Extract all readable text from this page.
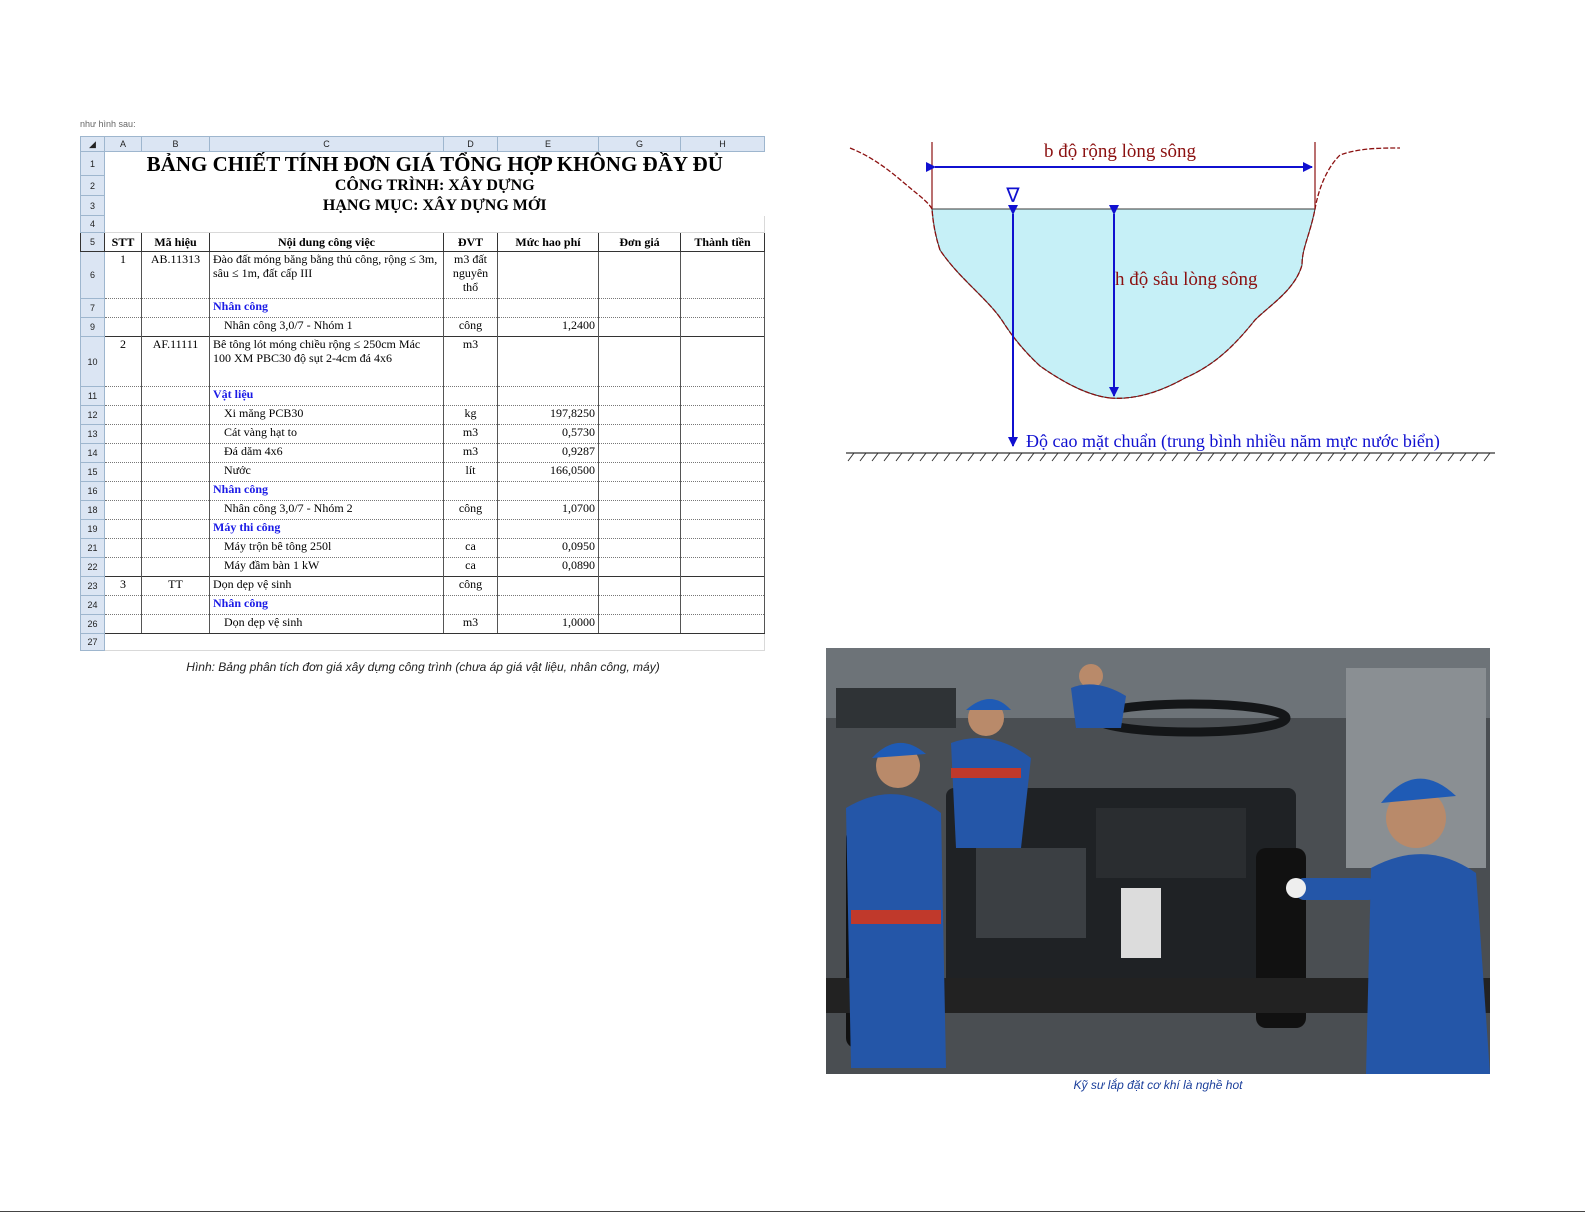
như hình sau:
◢	A	B	C	D	E	G	H
1	BẢNG CHIẾT TÍNH ĐƠN GIÁ TỔNG HỢP KHÔNG ĐẦY ĐỦ						
2	CÔNG TRÌNH: XÂY DỰNG						
3	HẠNG MỤC: XÂY DỰNG MỚI						
4							
5	STT	Mã hiệu	Nội dung công việc	ĐVT	Mức hao phí	Đơn giá	Thành tiền
6	1	AB.11313	Đào đất móng băng bằng thủ công, rộng ≤ 3m, sâu ≤ 1m, đất cấp III	m3 đất nguyên thổ			
7			Nhân công				
9			Nhân công 3,0/7 - Nhóm 1	công	1,2400		
10	2	AF.11111	Bê tông lót móng chiều rộng ≤ 250cm Mác 100 XM PBC30 độ sụt 2-4cm đá 4x6	m3			
11			Vật liệu				
12			Xi măng PCB30	kg	197,8250		
13			Cát vàng hạt to	m3	0,5730		
14			Đá dăm 4x6	m3	0,9287		
15			Nước	lít	166,0500		
16			Nhân công				
18			Nhân công 3,0/7 - Nhóm 2	công	1,0700		
19			Máy thi công				
21			Máy trộn bê tông 250l	ca	0,0950		
22			Máy đầm bàn 1 kW	ca	0,0890		
23	3	TT	Dọn dẹp vệ sinh	công			
24			Nhân công				
26			Dọn dẹp vệ sinh	m3	1,0000		
27							
Hình: Bảng phân tích đơn giá xây dựng công trình (chưa áp giá vật liệu, nhân công, máy)
b độ rộng lòng sông
∇
h độ sâu lòng sông
Độ cao mặt chuẩn (trung bình nhiều năm mực nước biển)
Kỹ sư lắp đặt cơ khí là nghề hot
